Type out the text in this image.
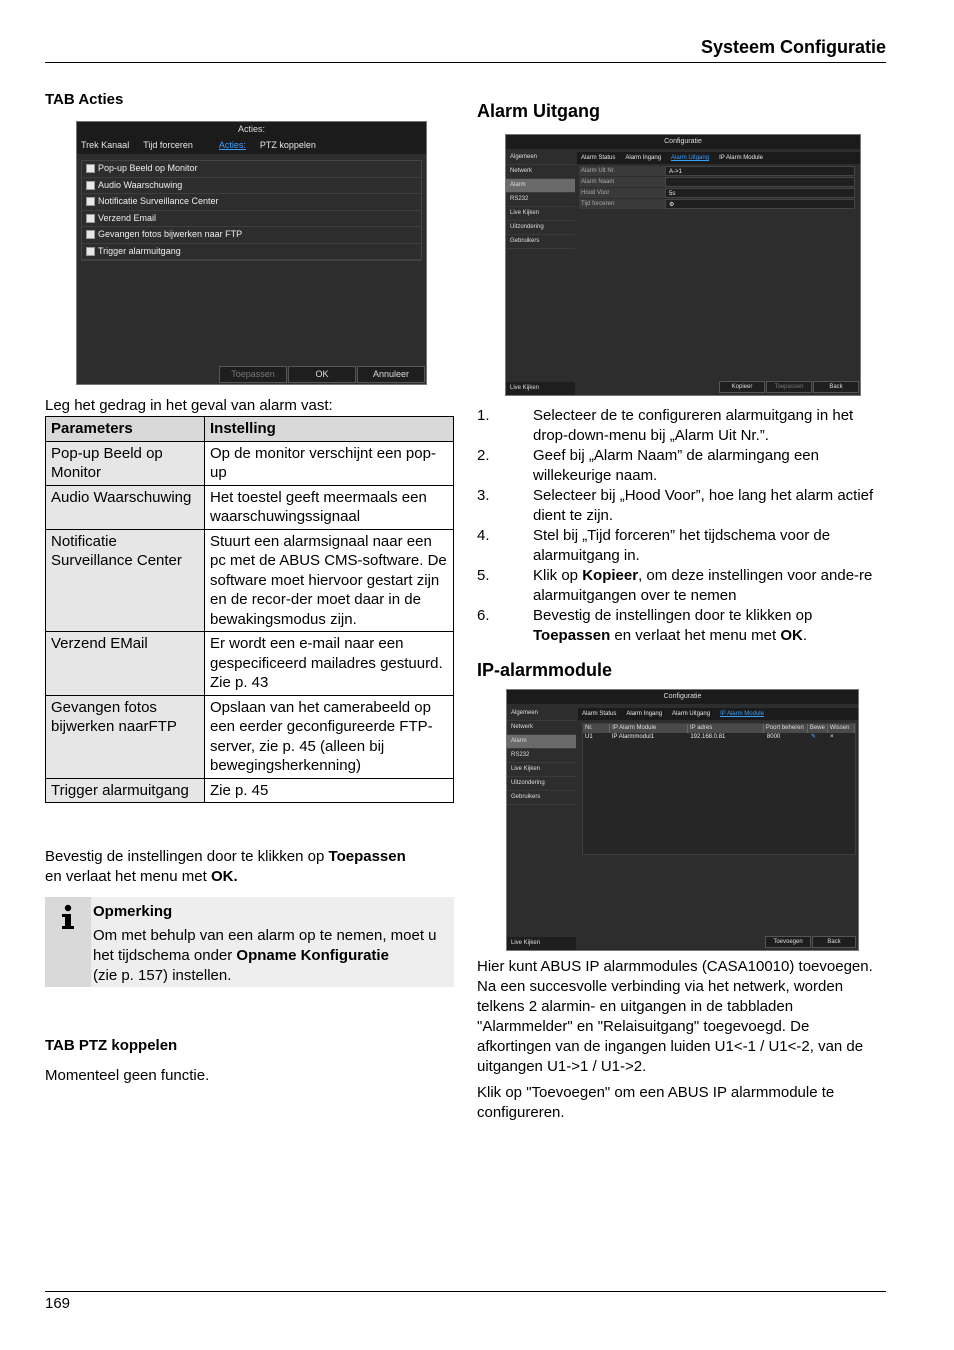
Systeem Configuratie
TAB Acties
Acties:
Trek Kanaal Tijd forceren	Acties: PTZ koppelen
Pop-up Beeld op Monitor
Audio Waarschuwing
Notificatie Surveillance Center
Verzend Email
Gevangen fotos bijwerken naar FTP
Trigger alarmuitgang
Toepassen	OK	Annuleer
Leg het gedrag in het geval van alarm vast:
Parameters	Instelling
Pop-up Beeld op Monitor	Op de monitor verschijnt een pop-up
Audio Waarschuwing	Het toestel geeft meermaals een waarschuwingssignaal
Notificatie Surveillance Center	Stuurt een alarmsignaal naar een pc met de ABUS CMS-software. De software moet hiervoor gestart zijn en de recor-der moet daar in de bewakingsmodus zijn.
Verzend EMail	Er wordt een e-mail naar een gespecificeerd mailadres gestuurd. Zie p. 43
Gevangen fotos bijwerken naarFTP	Opslaan van het camerabeeld op een eerder geconfigureerde FTP-server, zie p. 45 (alleen bij bewegingsherkenning)
Trigger alarmuitgang	Zie p. 45
Bevestig de instellingen door te klikken op Toepassen
en verlaat het menu met OK.
Opmerking
Om met behulp van een alarm op te nemen, moet u het tijdschema onder Opname Konfiguratie
(zie p. 157) instellen.
TAB PTZ koppelen
Momenteel geen functie.
Alarm Uitgang
Configuratie
Algemeen
Netwerk
Alarm
RS232
Live Kijken
Uitzondering
Gebruikers
Live Kijken
Alarm Status Alarm Ingang Alarm Uitgang IP Alarm Module
Alarm Uit Nr.	A->1
Alarm Naam
Hood Voor	5s
Tijd forceren	⚙
Kopieer	Toepassen	Back
1.	Selecteer de te configureren alarmuitgang in het drop-down-menu bij „Alarm Uit Nr.”.
2.	Geef bij „Alarm Naam” de alarmingang een willekeurige naam.
3.	Selecteer bij „Hood Voor”, hoe lang het alarm actief dient te zijn.
4.	Stel bij „Tijd forceren” het tijdschema voor de alarmuitgang in.
5.	Klik op Kopieer, om deze instellingen voor ande-re alarmuitgangen over te nemen
6.	Bevestig de instellingen door te klikken op Toepassen en verlaat het menu met OK.
IP-alarmmodule
Configuratie
Algemeen
Netwerk
Alarm
RS232
Live Kijken
Uitzondering
Gebruikers
Live Kijken
Alarm Status Alarm Ingang Alarm Uitgang IP Alarm Module
Nr.	IP Alarm Module	IP adres	Poort beheren	Bewe Wissen
U1	IP Alarmmodul1	192.168.0.81	8000	✎	×
Toevoegen	Back
Hier kunt ABUS IP alarmmodules (CASA10010) toevoegen. Na een succesvolle verbinding via het netwerk, worden telkens 2 alarmin- en uitgangen in de tabbladen "Alarmmelder" en "Relaisuitgang" toegevoegd. De afkortingen van de ingangen luiden U1<-1 / U1<-2, van de uitgangen U1->1 / U1->2.
Klik op "Toevoegen" om een ABUS IP alarmmodule te configureren.
169
